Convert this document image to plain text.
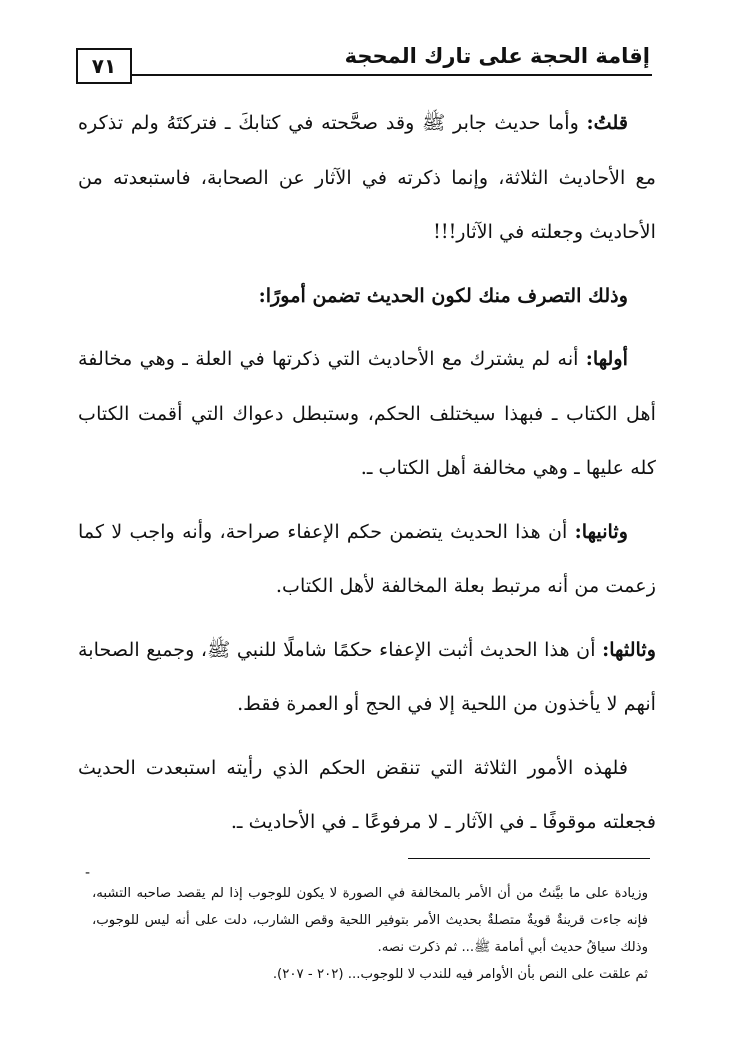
٧١	إقامة الحجة على تارك المحجة

قلتُ: وأما حديث جابر ﷺ وقد صحَّحته في كتابكَ ـ فتركتَهُ ولم تذكره مع الأحاديث الثلاثة، وإنما ذكرته في الآثار عن الصحابة، فاستبعدته من الأحاديث وجعلته في الآثار!!!

وذلك التصرف منك لكون الحديث تضمن أمورًا:

أولها: أنه لم يشترك مع الأحاديث التي ذكرتها في العلة ـ وهي مخالفة أهل الكتاب ـ فبهذا سيختلف الحكم، وستبطل دعواك التي أقمت الكتاب كله عليها ـ وهي مخالفة أهل الكتاب ـ.

وثانيها: أن هذا الحديث يتضمن حكم الإعفاء صراحة، وأنه واجب لا كما زعمت من أنه مرتبط بعلة المخالفة لأهل الكتاب.

وثالثها: أن هذا الحديث أثبت الإعفاء حكمًا شاملًا للنبي ﷺ، وجميع الصحابة أنهم لا يأخذون من اللحية إلا في الحج أو العمرة فقط.

فلهذه الأمور الثلاثة التي تنقض الحكم الذي رأيته استبعدت الحديث فجعلته موقوفًا ـ في الآثار ـ لا مرفوعًا ـ في الأحاديث ـ.

-

وزيادة على ما بيَّنتُ من أن الأمر بالمخالفة في الصورة لا يكون للوجوب إذا لم يقصد صاحبه التشبه، فإنه جاءت قرينةٌ قويةٌ متصلةٌ بحديث الأمر بتوفير اللحية وقص الشارب، دلت على أنه ليس للوجوب، وذلك سياقُ حديث أبي أمامة ﷺ... ثم ذكرت نصه.

ثم علقت على النص بأن الأوامر فيه للندب لا للوجوب... (٢٠٢ - ٢٠٧).
